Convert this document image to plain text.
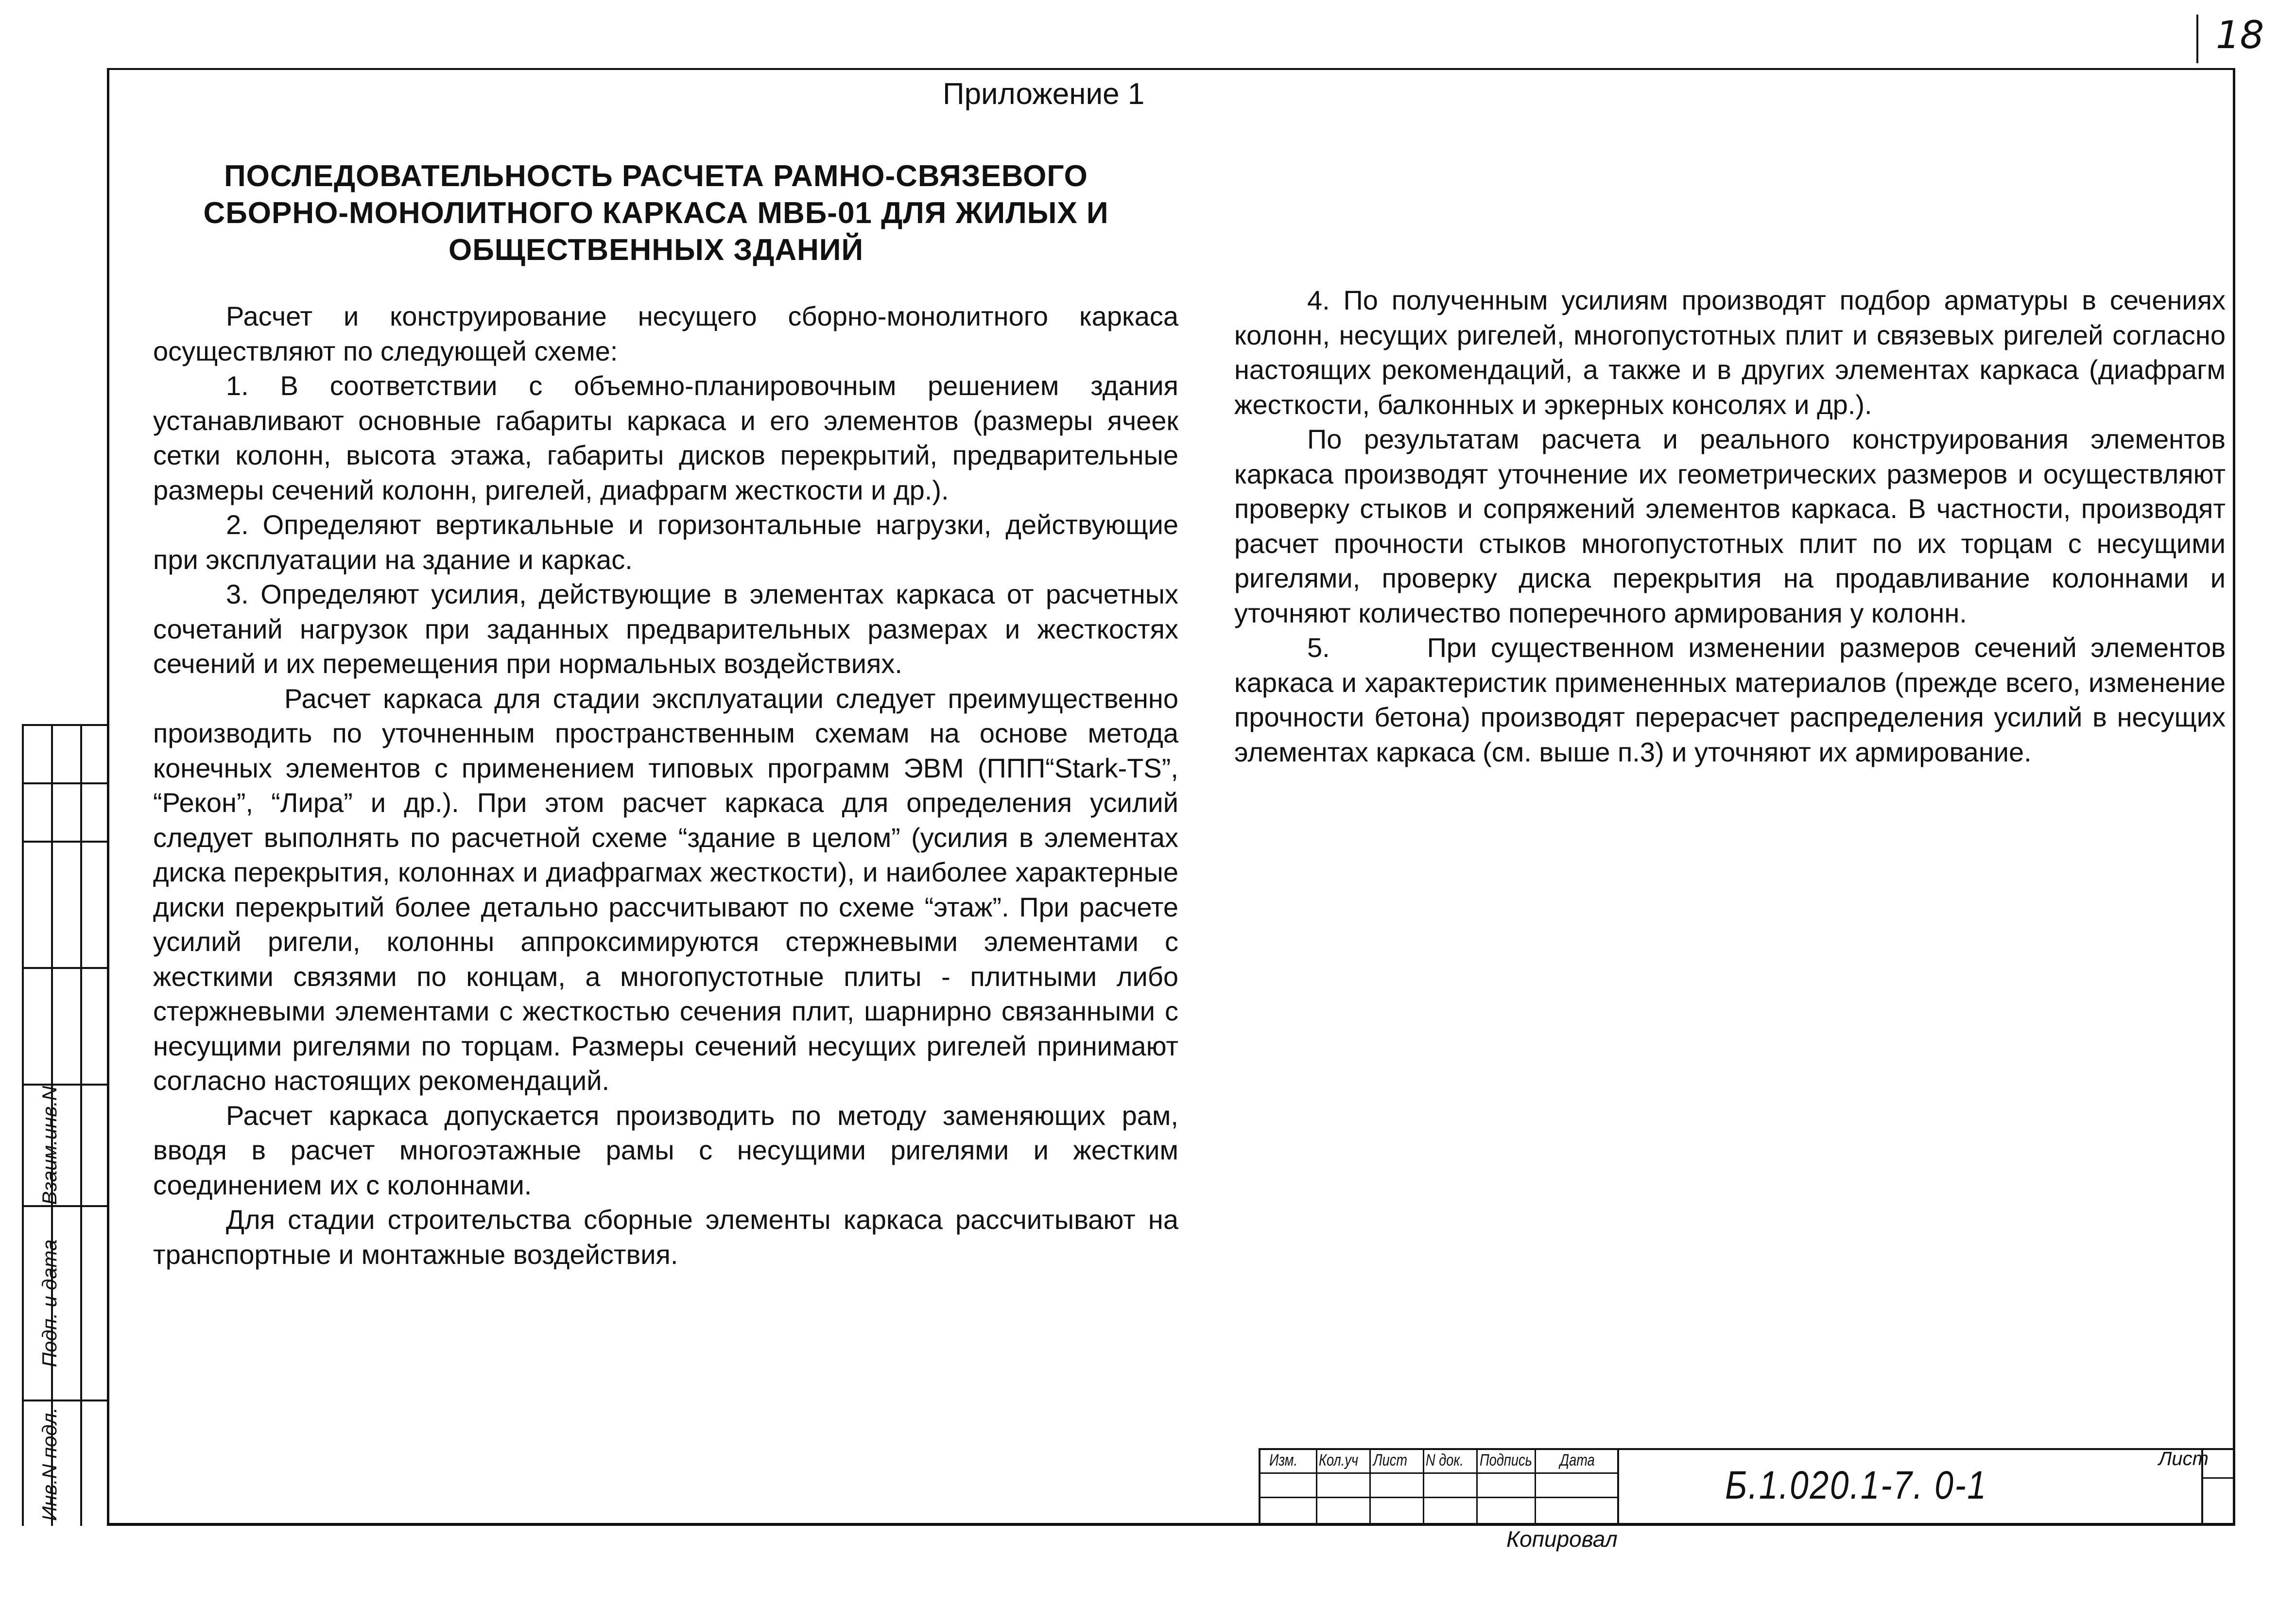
18
Приложение 1
ПОСЛЕДОВАТЕЛЬНОСТЬ РАСЧЕТА РАМНО-СВЯЗЕВОГО
СБОРНО-МОНОЛИТНОГО КАРКАСА МВБ-01 ДЛЯ ЖИЛЫХ И
ОБЩЕСТВЕННЫХ ЗДАНИЙ

Расчет и конструирование несущего сборно-монолитного каркаса осуществляют по следующей схеме:

1. В соответствии с объемно-планировочным решением здания устанавливают основные габариты каркаса и его элементов (размеры ячеек сетки колонн, высота этажа, габариты дисков перекрытий, предварительные размеры сечений колонн, ригелей, диафрагм жесткости и др.).

2. Определяют вертикальные и горизонтальные нагрузки, действующие при эксплуатации на здание и каркас.

3. Определяют усилия, действующие в элементах каркаса от расчетных сочетаний нагрузок при заданных предварительных размерах и жесткостях сечений и их перемещения при нормальных воздействиях.

Расчет каркаса для стадии эксплуатации следует преимущественно производить по уточненным пространственным схемам на основе метода конечных элементов с применением типовых программ ЭВМ (ППП“Stark-TS”, “Рекон”, “Лира” и др.). При этом расчет каркаса для определения усилий следует выполнять по расчетной схеме “здание в целом” (усилия в элементах диска перекрытия, колоннах и диафрагмах жесткости), и наиболее характерные диски перекрытий более детально рассчитывают по схеме “этаж”. При расчете усилий ригели, колонны аппроксимируются стержневыми элементами с жесткими связями по концам, а многопустотные плиты - плитными либо стержневыми элементами с жесткостью сечения плит, шарнирно связанными с несущими ригелями по торцам. Размеры сечений несущих ригелей принимают согласно настоящих рекомендаций.

Расчет каркаса допускается производить по методу заменяющих рам, вводя в расчет многоэтажные рамы с несущими ригелями и жестким соединением их с колоннами.

Для стадии строительства сборные элементы каркаса рассчитывают на транспортные и монтажные воздействия.

4. По полученным усилиям производят подбор арматуры в сечениях колонн, несущих ригелей, многопустотных плит и связевых ригелей согласно настоящих рекомендаций, а также и в других элементах каркаса (диафрагм жесткости, балконных и эркерных консолях и др.).

По результатам расчета и реального конструирования элементов каркаса производят уточнение их геометрических размеров и осуществляют проверку стыков и сопряжений элементов каркаса. В частности, производят расчет прочности стыков многопустотных плит по их торцам с несущими ригелями, проверку диска перекрытия на продавливание колоннами и уточняют количество поперечного армирования у колонн.

5.       При существенном изменении размеров сечений элементов каркаса и характеристик примененных материалов (прежде всего, изменение прочности бетона) производят перерасчет распределения усилий в несущих элементах каркаса (см. выше п.3) и уточняют их армирование.

Инв.N подл.
Подп. и дата
Взаим.инв.N
Изм. Кол.уч Лист N док. Подпись Дата
Б.1.020.1-7. 0-1
Лист
Копировал
